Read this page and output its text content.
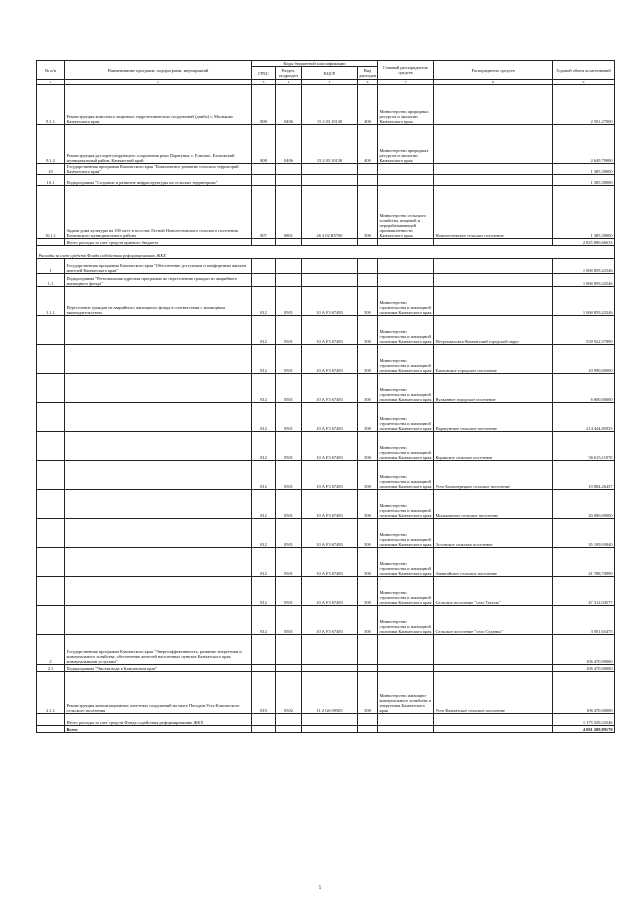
№ п/п	Наименование программ, подпрограмм, мероприятий	Коды бюджетной классификации				Главный распорядитель средств	Распорядитель средств	Годовой объем ассигнований
		ГРБС	Раздел, подраздел	КЦСР	Вид расходов			
1	2	3	4	5	6	7	8	9
9.1.1	Реконструкция комплекса защитных гидротехнических сооружений (дамба) с. Мильково Камчатского края	808	0406	15 2 03 10130	400	Министерство природных ресурсов и экологии Камчатского края		2 501,27000
9.1.2	Реконструкция руслорегулирующего сооружения реки Паратунка, г. Елизово, Елизовский муниципальный район, Камчатский край	808	0406	15 2 03 10130	400	Министерство природных ресурсов и экологии Камчатского края		2 649,79000
10	Государственная программа Камчатского края "Комплексное развитие сельских территорий Камчатского края"							1 385,58000
10.1	Подпрограмма "Создание и развитие инфраструктуры на сельских территориях"							1 385,58000
10.1.1	Задачи дома культуры на 100 мест в поселке Лесной Новолесновского сельского поселения Елизовского муниципального района	807	0801	26 3 02 R5760	500	Министерство сельского хозяйства, пищевой и перерабатывающей промышленности Камчатского края	Новолесновское сельское поселение	1 385,58000
	Итого расходы за счет средств краевого бюджета							2 825 880,66633
Расходы за счет средств Фонда содействия реформированию ЖКХ								
1	Государственная программа Камчатского края "Обеспечение доступным и комфортным жильем жителей Камчатского края"							1 068 859,22546
1.1	Подпрограмма "Региональная адресная программа по переселению граждан из аварийного жилищного фонда"							1 068 859,22546
1.1.1	Переселение граждан из аварийного жилищного фонда в соответствии с жилищным законодательством	812	0501	10 А F3 67483	500	Министерство строительства и жилищной политики Камчатского края		1 068 859,22546
		812	0501	10 А F3 67483	500	Министерство строительства и жилищной политики Камчатского края	Петропавловск-Камчатский городской округ	530 922,57890
		812	0501	10 А F3 67483	500	Министерство строительства и жилищной политики Камчатского края	Елизовское городское поселение	10 090,00000
		812	0501	10 А F3 67483	500	Министерство строительства и жилищной политики Камчатского края	Вулканное городское поселение	6 000,00000
		812	0501	10 А F3 67483	500	Министерство строительства и жилищной политики Камчатского края	Паратунское сельское поселение	214 444,85935
		812	0501	10 А F3 67483	500	Министерство строительства и жилищной политики Камчатского края	Корякское сельское поселение	56 615,11070
		812	0501	10 А F3 67483	500	Министерство строительства и жилищной политики Камчатского края	Усть-Большерецкое сельское поселение	10 884,26457
		812	0501	10 А F3 67483	500	Министерство строительства и жилищной политики Камчатского края	Мильковское сельское поселение	20 000,00000
		812	0501	10 А F3 67483	500	Министерство строительства и жилищной политики Камчатского края	Эссовское сельское поселение	35 109,93040
		812	0501	10 А F3 67483	500	Министерство строительства и жилищной политики Камчатского края	Анавгайское сельское поселение	41 788,70990
		812	0501	10 А F3 67483	500	Министерство строительства и жилищной политики Камчатского края	Сельское поселение "село Тигиль"	47 312,04577
		812	0501	10 А F3 67483	500	Министерство строительства и жилищной политики Камчатского края	Сельское поселение "село Седанка"	3 501,63475
2	Государственная программа Камчатского края "Энергоэффективность, развитие энергетики и коммунального хозяйства, обеспечение жителей населенных пунктов Камчатского края коммунальными услугами"							106 470,00000
2.1	Подпрограмма "Чистая вода в Камчатском крае"							106 470,00000
2.1.1	Реконструкция канализационных очистных сооружений на мысе Погодин Усть-Камчатского сельского поселения	810	0502	11 2 G6 09505	500	Министерство жилищно-коммунального хозяйства и энергетики Камчатского края	Усть-Камчатское сельское поселение	106 470,00000
	Итого расходы за счет средств Фонда содействия реформированию ЖКХ							1 175 329,22546
	Всего							4 001 209,89179
5
